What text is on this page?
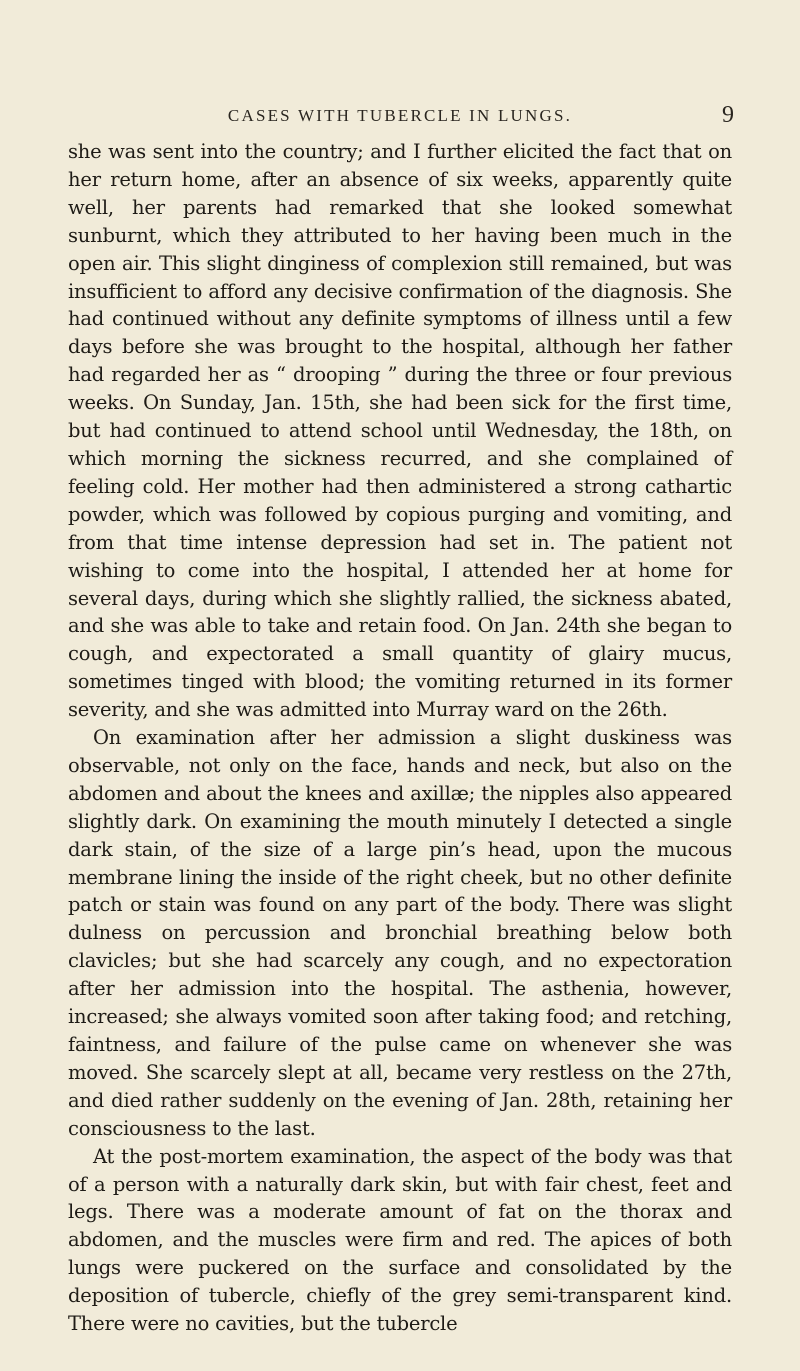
CASES WITH TUBERCLE IN LUNGS.	9

she was sent into the country; and I further elicited the fact that on her return home, after an absence of six weeks, apparently quite well, her parents had remarked that she looked somewhat sunburnt, which they attributed to her having been much in the open air. This slight dinginess of complexion still remained, but was insufficient to afford any decisive confirmation of the diagnosis. She had continued without any definite symptoms of illness until a few days before she was brought to the hospital, although her father had regarded her as “ drooping ” during the three or four previous weeks. On Sunday, Jan. 15th, she had been sick for the first time, but had continued to attend school until Wednesday, the 18th, on which morning the sickness recurred, and she complained of feeling cold. Her mother had then administered a strong cathartic powder, which was followed by copious purging and vomiting, and from that time intense depression had set in. The patient not wishing to come into the hospital, I attended her at home for several days, during which she slightly rallied, the sickness abated, and she was able to take and retain food. On Jan. 24th she began to cough, and expectorated a small quantity of glairy mucus, sometimes tinged with blood; the vomiting returned in its former severity, and she was admitted into Murray ward on the 26th.

On examination after her admission a slight duskiness was observable, not only on the face, hands and neck, but also on the abdomen and about the knees and axillæ; the nipples also appeared slightly dark. On examining the mouth minutely I detected a single dark stain, of the size of a large pin’s head, upon the mucous membrane lining the inside of the right cheek, but no other definite patch or stain was found on any part of the body. There was slight dulness on percussion and bronchial breathing below both clavicles; but she had scarcely any cough, and no expectoration after her admission into the hospital. The asthenia, however, increased; she always vomited soon after taking food; and retching, faintness, and failure of the pulse came on whenever she was moved. She scarcely slept at all, became very restless on the 27th, and died rather suddenly on the evening of Jan. 28th, retaining her consciousness to the last.

At the post-mortem examination, the aspect of the body was that of a person with a naturally dark skin, but with fair chest, feet and legs. There was a moderate amount of fat on the thorax and abdomen, and the muscles were firm and red. The apices of both lungs were puckered on the surface and consolidated by the deposition of tubercle, chiefly of the grey semi-transparent kind. There were no cavities, but the tubercle
